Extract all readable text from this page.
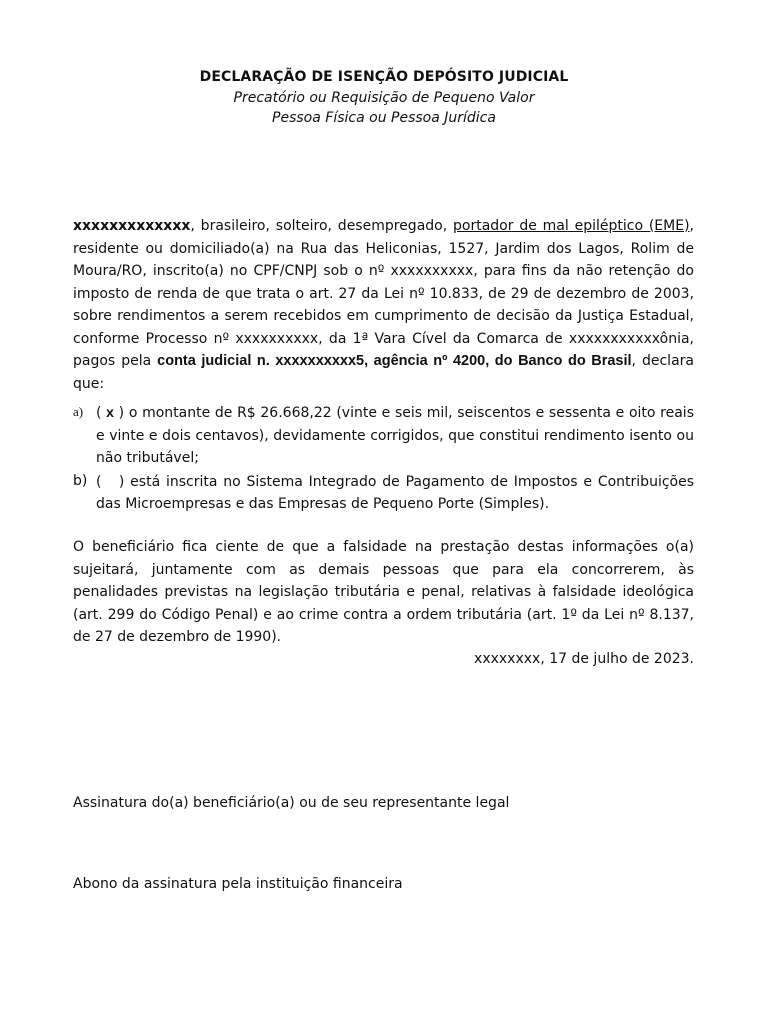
DECLARAÇÃO DE ISENÇÃO DEPÓSITO JUDICIAL
Precatório ou Requisição de Pequeno Valor
Pessoa Física ou Pessoa Jurídica
xxxxxxxxxxxxx, brasileiro, solteiro, desempregado, portador de mal epiléptico (EME), residente ou domiciliado(a) na Rua das Heliconias, 1527, Jardim dos Lagos, Rolim de Moura/RO, inscrito(a) no CPF/CNPJ sob o nº xxxxxxxxxx, para fins da não retenção do imposto de renda de que trata o art. 27 da Lei nº 10.833, de 29 de dezembro de 2003, sobre rendimentos a serem recebidos em cumprimento de decisão da Justiça Estadual, conforme Processo nº xxxxxxxxxx, da 1ª Vara Cível da Comarca de xxxxxxxxxxxônia, pagos pela conta judicial n. xxxxxxxxxx5, agência nº 4200, do Banco do Brasil, declara que:
a) ( x ) o montante de R$ 26.668,22 (vinte e seis mil, seiscentos e sessenta e oito reais e vinte e dois centavos), devidamente corrigidos, que constitui rendimento isento ou não tributável;
b) (   ) está inscrita no Sistema Integrado de Pagamento de Impostos e Contribuições das Microempresas e das Empresas de Pequeno Porte (Simples).
O beneficiário fica ciente de que a falsidade na prestação destas informações o(a) sujeitará, juntamente com as demais pessoas que para ela concorrerem, às penalidades previstas na legislação tributária e penal, relativas à falsidade ideológica (art. 299 do Código Penal) e ao crime contra a ordem tributária (art. 1º da Lei nº 8.137, de 27 de dezembro de 1990).
xxxxxxxx, 17 de julho de 2023.
Assinatura do(a) beneficiário(a) ou de seu representante legal
Abono da assinatura pela instituição financeira
